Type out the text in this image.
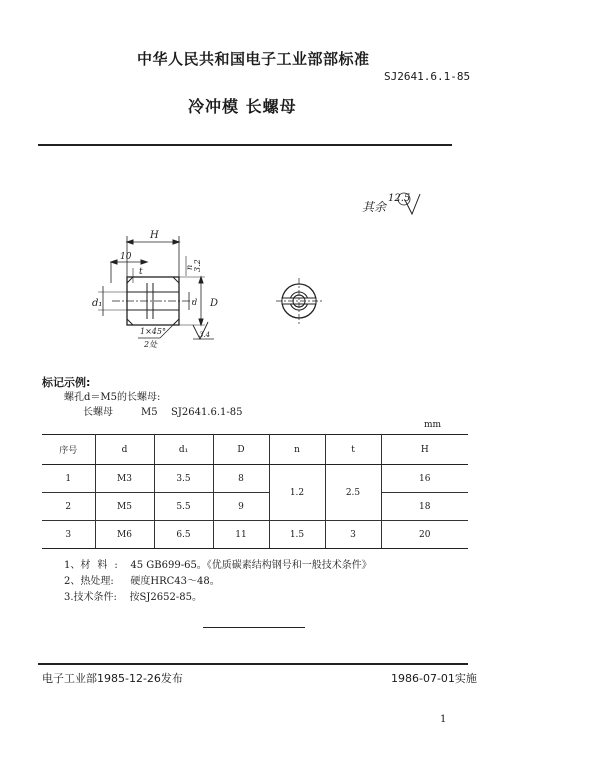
中华人民共和国电子工业部部标准
SJ2641.6.1-85
冷冲模 长螺母
其余
12.5
H
10
t	n
d₁	D
d
1×45°
2处
3.2
3.4
标记示例:
螺孔d＝M5的长螺母:
长螺母	M5 SJ2641.6.1-85
mm
序号	d	d₁	D	n	t	H
1	M3	3.5	8	1.2	2.5	16
2	M5	5.5	9			18
3	M6	6.5	11	1.5	3	20
1、材料: 45 GB699-65。《优质碳素结构钢号和一般技术条件》
2、热处理: 硬度HRC43～48。
3.技术条件: 按SJ2652-85。
电子工业部1985-12-26发布	1986-07-01实施
1
